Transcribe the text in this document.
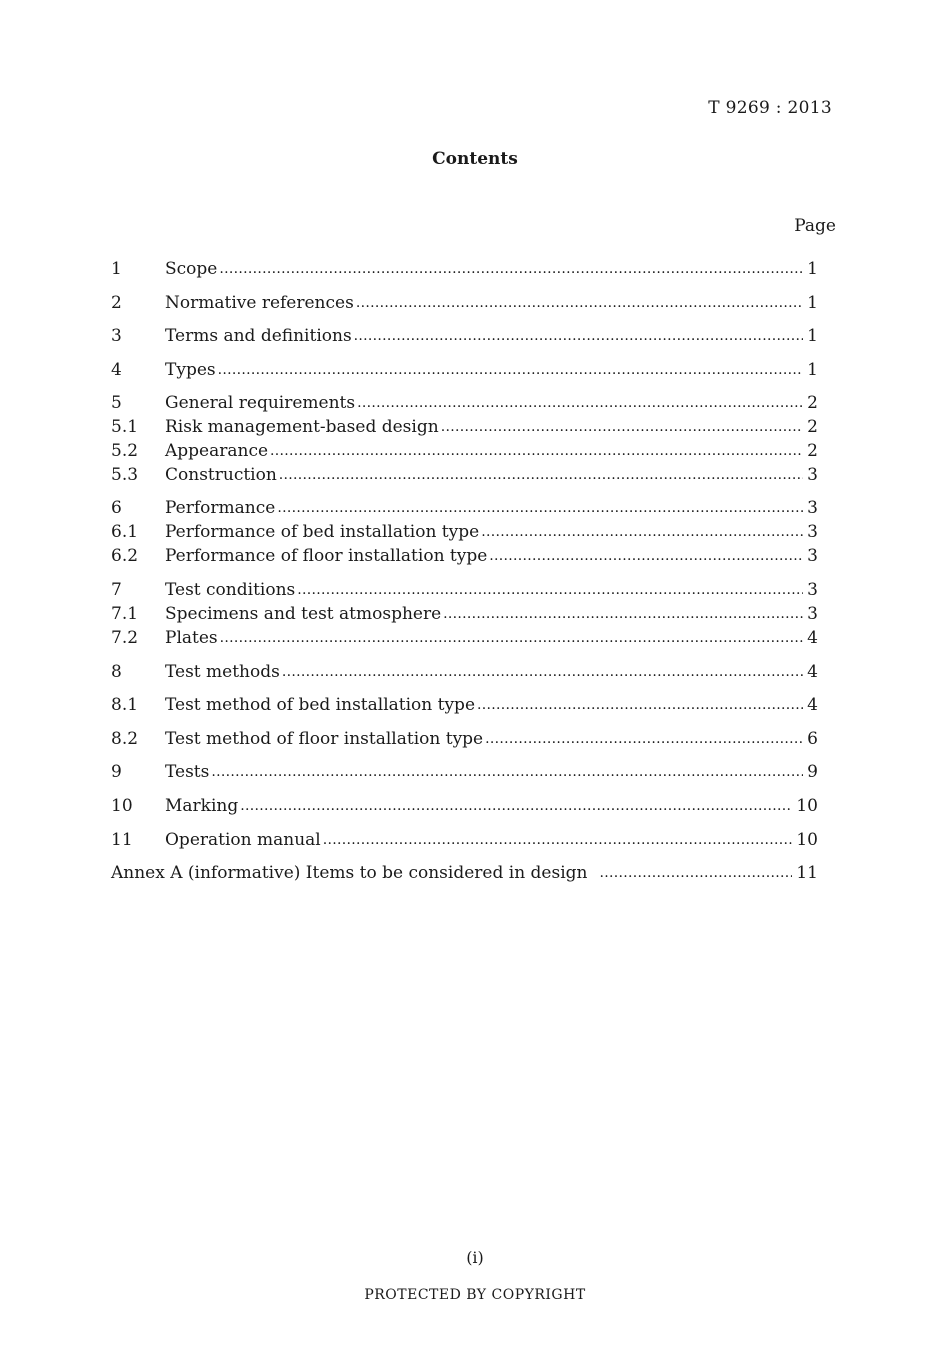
T 9269 : 2013
Contents
Page
1	Scope .....	1
2	Normative references .....	1
3	Terms and definitions .....	1
4	Types .....	1
5	General requirements .....	2
5.1	Risk management-based design .....	2
5.2	Appearance .....	2
5.3	Construction .....	3
6	Performance .....	3
6.1	Performance of bed installation type .....	3
6.2	Performance of floor installation type .....	3
7	Test conditions .....	3
7.1	Specimens and test atmosphere .....	3
7.2	Plates .....	4
8	Test methods .....	4
8.1	Test method of bed installation type .....	4
8.2	Test method of floor installation type .....	6
9	Tests .....	9
10	Marking .....	10
11	Operation manual .....	10
Annex A (informative) Items to be considered in design .....	11
(i)
PROTECTED BY COPYRIGHT
